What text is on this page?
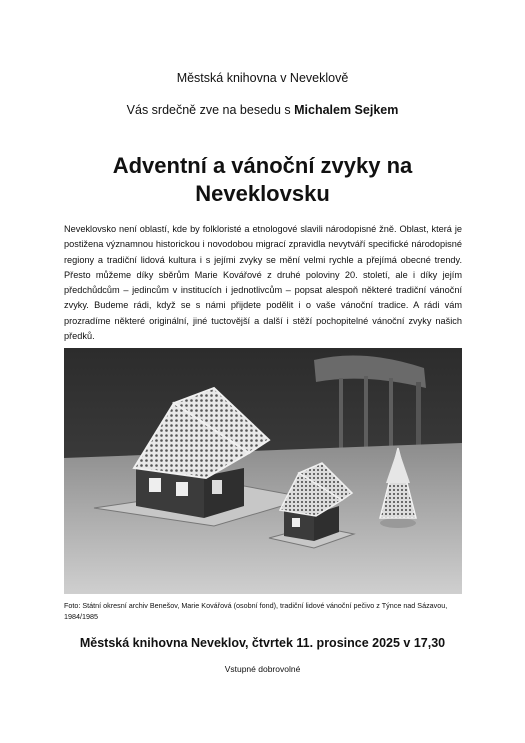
Městská knihovna v Neveklově
Vás srdečně zve na besedu s Michalem Sejkem
Adventní a vánoční zvyky na
Neveklovsku
Neveklovsko není oblastí, kde by folkloristé a etnologové slavili národopisné žně. Oblast, která je postižena významnou historickou i novodobou migrací zpravidla nevytváří specifické národopisné regiony a tradiční lidová kultura i s jejími zvyky se mění velmi rychle a přejímá obecné trendy. Přesto můžeme díky sběrům Marie Kovářové z druhé poloviny 20. století, ale i díky jejím předchůdcům – jedincům v institucích i jednotlivcům – popsat alespoň některé tradiční vánoční zvyky. Budeme rádi, když se s námi přijdete podělit i o vaše vánoční tradice. A rádi vám prozradíme některé originální, jiné tuctovější a další i stěží pochopitelné vánoční zvyky našich předků.
Foto: Státní okresní archiv Benešov, Marie Kovářová (osobní fond), tradiční lidové vánoční pečivo z Týnce nad Sázavou, 1984/1985
Městská knihovna Neveklov, čtvrtek 11. prosince 2025 v 17,30
Vstupné dobrovolné
